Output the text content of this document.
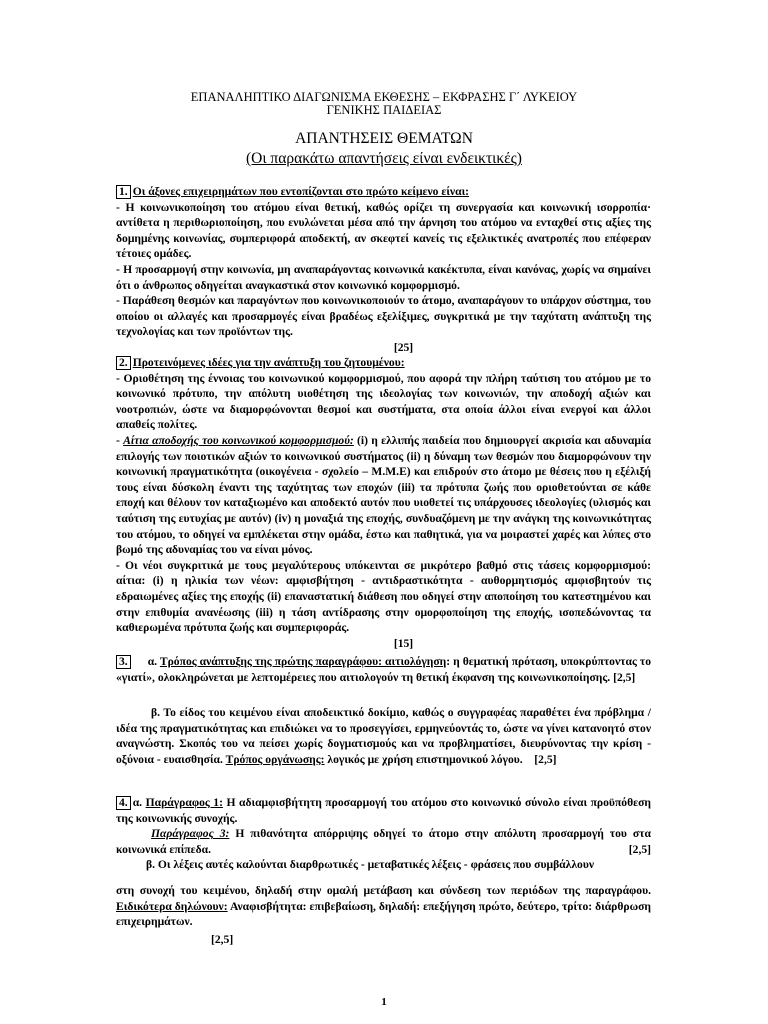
ΕΠΑΝΑΛΗΠΤΙΚΟ ΔΙΑΓΩΝΙΣΜΑ ΕΚΘΕΣΗΣ – ΕΚΦΡΑΣΗΣ Γ΄ ΛΥΚΕΙΟΥ
ΓΕΝΙΚΗΣ ΠΑΙΔΕΙΑΣ
ΑΠΑΝΤΗΣΕΙΣ ΘΕΜΑΤΩΝ
(Οι παρακάτω απαντήσεις είναι ενδεικτικές)

1. Οι άξονες επιχειρημάτων που εντοπίζονται στο πρώτο κείμενο είναι:

- Η κοινωνικοποίηση του ατόμου είναι θετική, καθώς ορίζει τη συνεργασία και κοινωνική ισορροπία· αντίθετα η περιθωριοποίηση, που ενυλώνεται μέσα από την άρνηση του ατόμου να ενταχθεί στις αξίες της δομημένης κοινωνίας, συμπεριφορά αποδεκτή, αν σκεφτεί κανείς τις εξελικτικές ανατροπές που επέφεραν τέτοιες ομάδες.

- Η προσαρμογή στην κοινωνία, μη αναπαράγοντας κοινωνικά κακέκτυπα, είναι κανόνας, χωρίς να σημαίνει ότι ο άνθρωπος οδηγείται αναγκαστικά στον κοινωνικό κομφορμισμό.

- Παράθεση θεσμών και παραγόντων που κοινωνικοποιούν το άτομο, αναπαράγουν το υπάρχον σύστημα, του οποίου οι αλλαγές και προσαρμογές είναι βραδέως εξελίξιμες, συγκριτικά με την ταχύτατη ανάπτυξη της τεχνολογίας και των προϊόντων της.

[25]

2. Προτεινόμενες ιδέες για την ανάπτυξη του ζητουμένου:

- Οριοθέτηση της έννοιας του κοινωνικού κομφορμισμού, που αφορά την πλήρη ταύτιση του ατόμου με το κοινωνικό πρότυπο, την απόλυτη υιοθέτηση της ιδεολογίας των κοινωνιών, την αποδοχή αξιών και νοοτροπιών, ώστε να διαμορφώνονται θεσμοί και συστήματα, στα οποία άλλοι είναι ενεργοί και άλλοι απαθείς πολίτες.

- Αίτια αποδοχής του κοινωνικού κομφορμισμού: (i) η ελλιπής παιδεία που δημιουργεί ακρισία και αδυναμία επιλογής των ποιοτικών αξιών το κοινωνικού συστήματος (ii) η δύναμη των θεσμών που διαμορφώνουν την κοινωνική πραγματικότητα (οικογένεια - σχολείο – Μ.Μ.Ε) και επιδρούν στο άτομο με θέσεις που η εξέλιξή τους είναι δύσκολη έναντι της ταχύτητας των εποχών (iii) τα πρότυπα ζωής που οριοθετούνται σε κάθε εποχή και θέλουν τον καταξιωμένο και αποδεκτό αυτόν που υιοθετεί τις υπάρχουσες ιδεολογίες (υλισμός και ταύτιση της ευτυχίας με αυτόν) (iv) η μοναξιά της εποχής, συνδυαζόμενη με την ανάγκη της κοινωνικότητας του ατόμου, το οδηγεί να εμπλέκεται στην ομάδα, έστω και παθητικά, για να μοιραστεί χαρές και λύπες στο βωμό της αδυναμίας του να είναι μόνος.

- Οι νέοι συγκριτικά με τους μεγαλύτερους υπόκεινται σε μικρότερο βαθμό στις τάσεις κομφορμισμού: αίτια: (i) η ηλικία των νέων: αμφισβήτηση - αντιδραστικότητα - αυθορμητισμός αμφισβητούν τις εδραιωμένες αξίες της εποχής (ii) επαναστατική διάθεση που οδηγεί στην αποποίηση του κατεστημένου και στην επιθυμία ανανέωσης (iii) η τάση αντίδρασης στην ομορφοποίηση της εποχής, ισοπεδώνοντας τα καθιερωμένα πρότυπα ζωής και συμπεριφοράς.

[15]

3. α. Τρόπος ανάπτυξης της πρώτης παραγράφου: αιτιολόγηση: η θεματική πρόταση, υποκρύπτοντας το «γιατί», ολοκληρώνεται με λεπτομέρειες που αιτιολογούν τη θετική έκφανση της κοινωνικοποίησης. [2,5]

β. Το είδος του κειμένου είναι αποδεικτικό δοκίμιο, καθώς ο συγγραφέας παραθέτει ένα πρόβλημα / ιδέα της πραγματικότητας και επιδιώκει να το προσεγγίσει, ερμηνεύοντάς το, ώστε να γίνει κατανοητό στον αναγνώστη. Σκοπός του να πείσει χωρίς δογματισμούς και να προβληματίσει, διευρύνοντας την κρίση - οξύνοια - ευαισθησία. Τρόπος οργάνωσης: λογικός με χρήση επιστημονικού λόγου. [2,5]

4. α. Παράγραφος 1: Η αδιαμφισβήτητη προσαρμογή του ατόμου στο κοινωνικό σύνολο είναι προϋπόθεση της κοινωνικής συνοχής.

Παράγραφος 3: Η πιθανότητα απόρριψης οδηγεί το άτομο στην απόλυτη προσαρμογή του στα κοινωνικά επίπεδα.	[2,5]

β. Οι λέξεις αυτές καλούνται διαρθρωτικές - μεταβατικές λέξεις - φράσεις που συμβάλλουν

στη συνοχή του κειμένου, δηλαδή στην ομαλή μετάβαση και σύνδεση των περιόδων της παραγράφου. Ειδικότερα δηλώνουν: Αναφισβήτητα: επιβεβαίωση, δηλαδή: επεξήγηση πρώτο, δεύτερο, τρίτο: διάρθρωση επιχειρημάτων.

[2,5]

1
